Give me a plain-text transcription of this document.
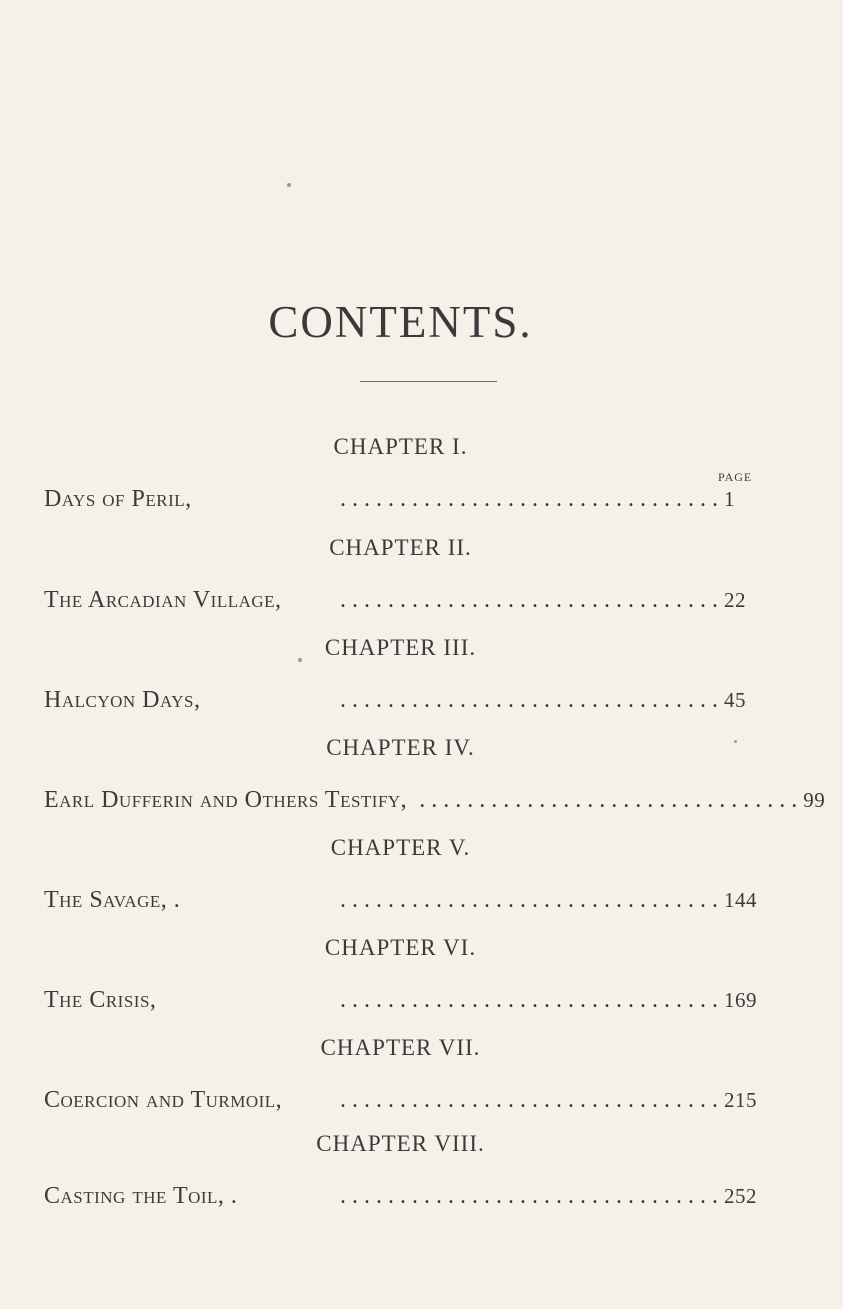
CONTENTS.
PAGE
CHAPTER I.
Days of Peril,	. . . . . . . . . . . . . . . . . . . . . . . . . . . . . . . . 1
CHAPTER II.
The Arcadian Village,	. . . . . . . . . . . . . . . . . . . . . . . . . . . . . . . . 22
CHAPTER III.
Halcyon Days,	. . . . . . . . . . . . . . . . . . . . . . . . . . . . . . . . 45
CHAPTER IV.
Earl Dufferin and Others Testify, . . . . . . . . . . . . . . . . . . . . . . . . . . . . . . . . 99
CHAPTER V.
The Savage, .	. . . . . . . . . . . . . . . . . . . . . . . . . . . . . . . . 144
CHAPTER VI.
The Crisis,	. . . . . . . . . . . . . . . . . . . . . . . . . . . . . . . . 169
CHAPTER VII.
Coercion and Turmoil,	. . . . . . . . . . . . . . . . . . . . . . . . . . . . . . . . 215
CHAPTER VIII.
Casting the Toil, .	. . . . . . . . . . . . . . . . . . . . . . . . . . . . . . . . 252
